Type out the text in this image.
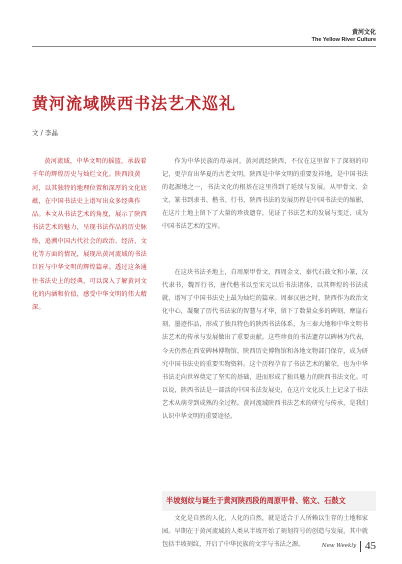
黄河文化
The Yellow River Culture
黄河流域陕西书法艺术巡礼
文 / 李晶

黄河流域，中华文明的摇篮，承载着千年的辉煌历史与灿烂文化。陕西段黄河，以其独特的地理位置和深厚的文化底蕴，在中国书法史上谱写出众多经典作品。本文从书法艺术的角度，展示了陕西书法艺术的魅力，呈现书法作品的历史脉络，追溯中国古代社会的政治、经济、文化等方面的情况，展现出黄河流域的书法巨匠与中华文明的辉煌篇章。透过这条通往书法史上的经典，可以深入了解黄河文化的内涵和价值，感受中华文明的伟大精深。

作为中华民族的母亲河，黄河流经陕西，不仅在这里留下了深刻的印记，更孕育出华夏的古老文明。陕西是中华文明的重要发祥地，是中国书法的起源地之一，书法文化的根基在这里得到了延续与发展。从甲骨文、金文、篆书到隶书、楷书、行书，陕西书法的发展历程是中国书法史的缩影，在这片土地上留下了大量的珍贵遗存，见证了书法艺术的发展与变迁，成为中国书法艺术的宝库。

在这块书法圣地上，自周原甲骨文、西周金文、秦代石鼓文和小篆，汉代隶书，魏晋行书，唐代楷书以至宋元以后书法诸体，以其辉煌的书法成就，谱写了中国书法史上最为灿烂的篇章。周秦汉唐之时，陕西作为政治文化中心，凝聚了历代书法家的智慧与才华，留下了数量众多的碑刻、摩崖石刻、墨迹作品，形成了独具特色的陕西书法体系，为三秦大地和中华文明书法艺术的传承与发展做出了重要贡献。这些珍贵的书法遗存以碑林为代表，今天仍然在西安碑林博物馆、陕西历史博物馆和各地文物部门保存，成为研究中国书法史的重要实物资料。这个历程孕育了书法艺术的繁荣，也为中华书法走向世界奠定了坚实的基础，进而形成了独具魅力的陕西书法文化。可以说，陕西书法是一部活的中国书法发展史，在这片文化沃土上记录了书法艺术从萌芽到成熟的全过程。黄河流域陕西书法艺术的研究与传承，是我们认识中华文明的重要途径。

半坡刻纹与诞生于黄河陕西段的周原甲骨、铭文、石鼓文

文化是自然的人化，人化的自然，就是适合于人所赖以生存的土地和家园。早期在于黄河流域的人类从半坡开始了刻划符号的创造与发展，其中就包括半坡刻纹，开启了中华民族的文字与书法之源。	New Weekly 45
